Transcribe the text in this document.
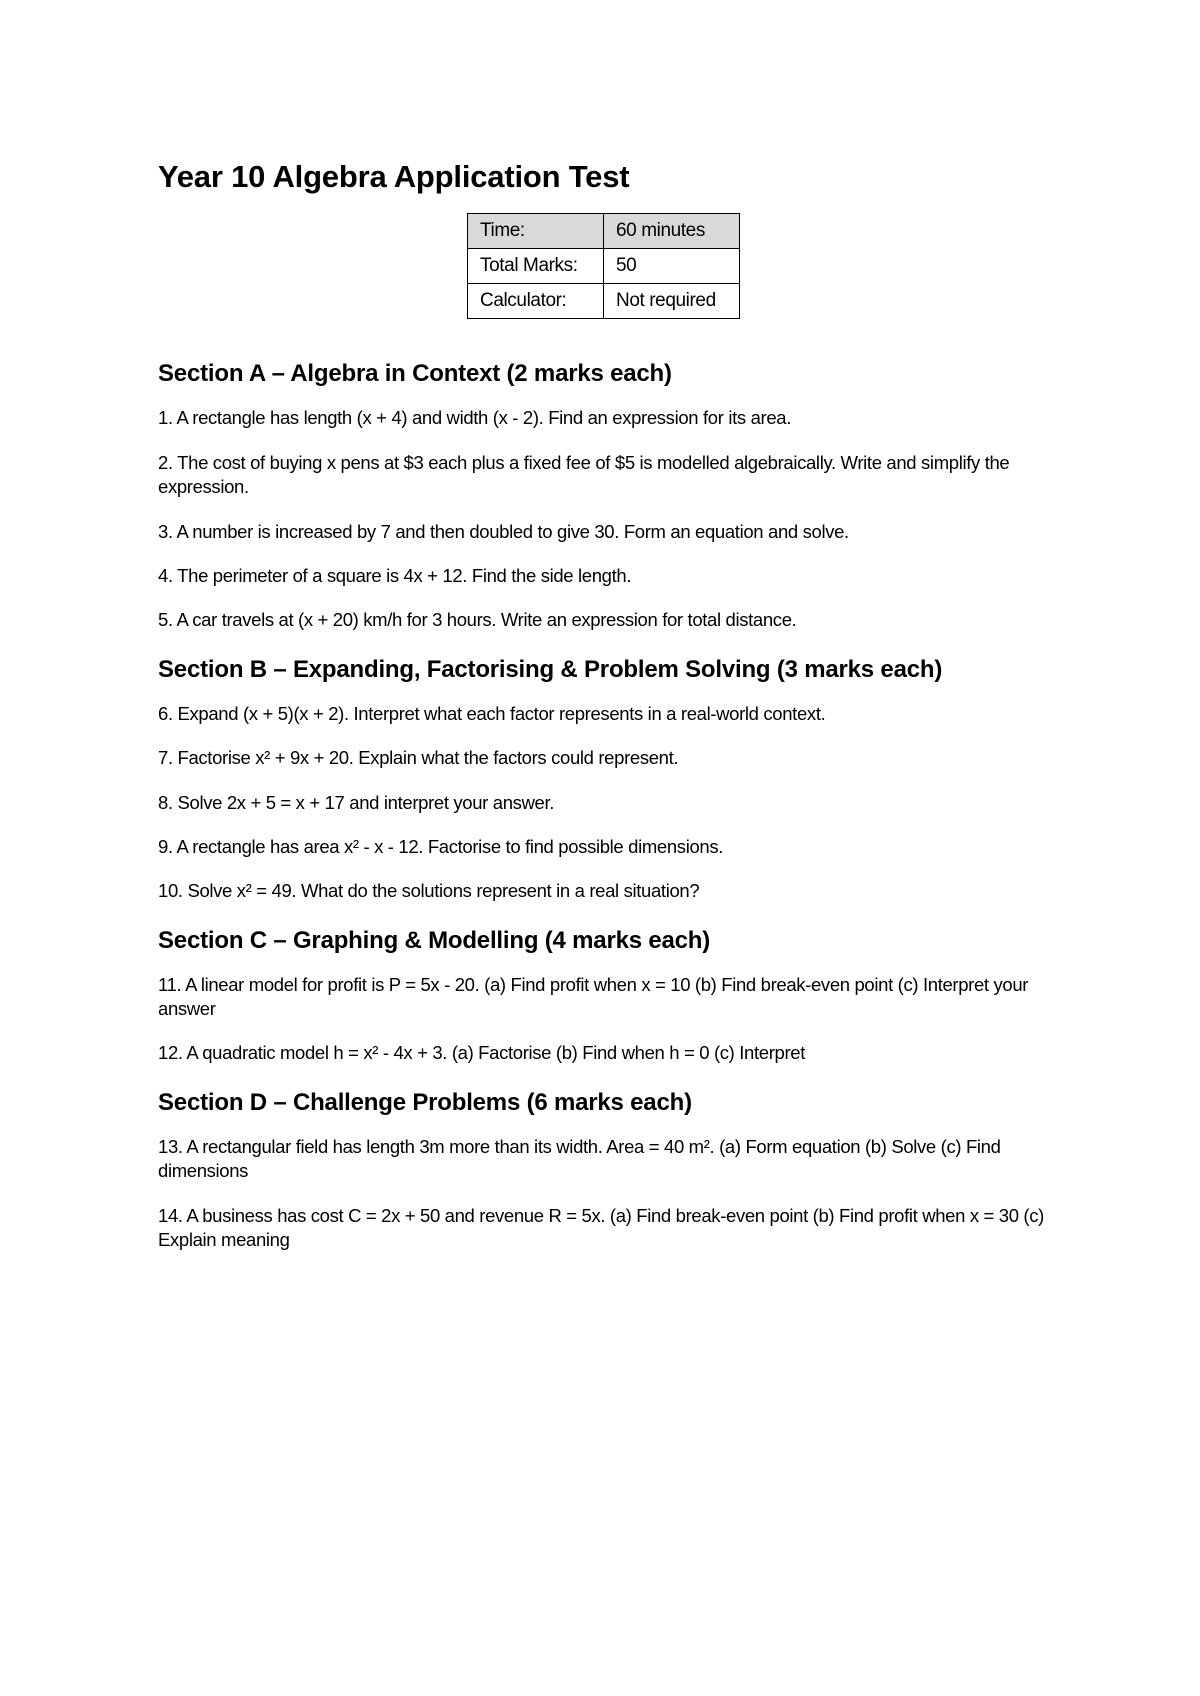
Year 10 Algebra Application Test
Time:	60 minutes
Total Marks:	50
Calculator:	Not required
Section A – Algebra in Context (2 marks each)

1. A rectangle has length (x + 4) and width (x - 2). Find an expression for its area.

2. The cost of buying x pens at $3 each plus a fixed fee of $5 is modelled algebraically. Write and simplify the expression.

3. A number is increased by 7 and then doubled to give 30. Form an equation and solve.

4. The perimeter of a square is 4x + 12. Find the side length.

5. A car travels at (x + 20) km/h for 3 hours. Write an expression for total distance.

Section B – Expanding, Factorising & Problem Solving (3 marks each)

6. Expand (x + 5)(x + 2). Interpret what each factor represents in a real-world context.

7. Factorise x² + 9x + 20. Explain what the factors could represent.

8. Solve 2x + 5 = x + 17 and interpret your answer.

9. A rectangle has area x² - x - 12. Factorise to find possible dimensions.

10. Solve x² = 49. What do the solutions represent in a real situation?

Section C – Graphing & Modelling (4 marks each)

11. A linear model for profit is P = 5x - 20. (a) Find profit when x = 10 (b) Find break-even point (c) Interpret your answer

12. A quadratic model h = x² - 4x + 3. (a) Factorise (b) Find when h = 0 (c) Interpret

Section D – Challenge Problems (6 marks each)

13. A rectangular field has length 3m more than its width. Area = 40 m². (a) Form equation (b) Solve (c) Find dimensions

14. A business has cost C = 2x + 50 and revenue R = 5x. (a) Find break-even point (b) Find profit when x = 30 (c) Explain meaning
